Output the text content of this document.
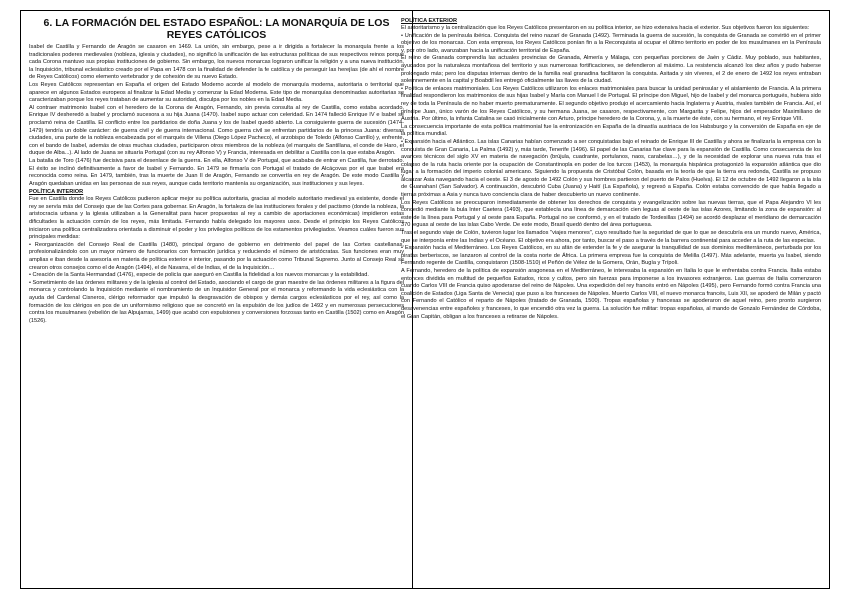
6. LA FORMACIÓN DEL ESTADO ESPAÑOL: LA MONARQUÍA DE LOS REYES CATÓLICOS

Isabel de Castilla y Fernando de Aragón se casaron en 1469. La unión, sin embargo, pese a ir dirigida a fortalecer la monarquía frente a los tradicionales poderes medievales (nobleza, iglesia y ciudades), no significó la unificación de las estructuras políticas de sus respectivos reinos porque cada Corona mantuvo sus propias instituciones de gobierno. Sin embargo, los nuevos monarcas lograron unificar la religión y a una nueva institución, la Inquisición, tribunal eclesiástico creado por el Papa en 1478 con la finalidad de defender la fe católica y de perseguir las herejías (de ahí el nombre de Reyes Católicos) como elemento vertebrador y de cohesión de su nuevo Estado.

Los Reyes Católicos representan en España el origen del Estado Moderno acorde al modelo de monarquía moderna, autoritaria o territorial que aparece en algunos Estados europeos al finalizar la Edad Media y comenzar la Edad Moderna. Este tipo de monarquías denominadas autoritarias se caracterizaban porque los reyes trataban de aumentar su autoridad, disculpa por los nobles en la Edad Media.

Al contraer matrimonio Isabel con el heredero de la Corona de Aragón, Fernando, sin previa consulta al rey de Castilla, como estaba acordado, Enrique IV desheredó a Isabel y proclamó sucesora a su hija Juana (1470). Isabel supo actuar con celeridad. En 1474 falleció Enrique IV e Isabel se proclamó reina de Castilla. El conflicto entre los partidarios de doña Juana y los de Isabel quedó abierto. La consiguiente guerra de sucesión (1474-1479) tendría un doble carácter: de guerra civil y de guerra internacional. Como guerra civil se enfrentan partidarios de la princesa Juana: diversas ciudades, una parte de la nobleza encabezada por el marqués de Villena (Diego López Pacheco), el arzobispo de Toledo (Alfonso Carrillo) y, enfrente, con el bando de Isabel, además de otras muchas ciudades, participaron otros miembros de la nobleza (el marqués de Santillana, el conde de Haro, el duque de Alba...). Al lado de Juana se situaría Portugal (con su rey Alfonso V) y Francia, interesada en debilitar a Castilla con la que estaba Aragón.

La batalla de Toro (1476) fue decisiva para el desenlace de la guerra. En ella, Alfonso V de Portugal, que acababa de entrar en Castilla, fue derrotado. El éxito se inclinó definitivamente a favor de Isabel y Fernando. En 1479 se firmaría con Portugal el tratado de Alcáçovas por el que Isabel era reconocida como reina. En 1479, también, tras la muerte de Juan II de Aragón, Fernando se convertía en rey de Aragón. De este modo Castilla y Aragón quedaban unidas en las personas de sus reyes, aunque cada territorio mantenía su organización, sus instituciones y sus leyes.

POLÍTICA INTERIOR

Fue en Castilla donde los Reyes Católicos pudieron aplicar mejor su política autoritaria, gracias al modelo autoritario medieval ya existente, donde el rey se servía más del Consejo que de las Cortes para gobernar. En Aragón, la fortaleza de las instituciones forales y del pactismo (donde la nobleza, la aristocracia urbana y la iglesia utilizaban a la Generalitat para hacer propuestas al rey a cambio de aportaciones económicas) impidieron estas dificultades la actuación común de los reyes, más limitada. Fernando había delegado los mayores usos. Desde el principio los Reyes Católicos iniciaron una política centralizadora orientada a disminuir el poder y los privilegios políticos de los estamentos privilegiados. Veamos cuáles fueron sus principales medidas:

• Reorganización del Consejo Real de Castilla (1480), principal órgano de gobierno en detrimento del papel de las Cortes castellanas, profesionalizándolo con un mayor número de funcionarios con formación jurídica y reduciendo el número de aristócratas. Sus funciones eran muy amplias e iban desde la asesoría en materia de política exterior e interior, pasando por la actuación como Tribunal Supremo. Junto al Consejo Real se crearon otros consejos como el de Aragón (1494), el de Navarra, el de Indias, el de la Inquisición…

• Creación de la Santa Hermandad (1476), especie de policía que aseguró en Castilla la fidelidad a los nuevos monarcas y la estabilidad.

• Sometimiento de las órdenes militares y de la iglesia al control del Estado, asociando el cargo de gran maestre de las órdenes militares a la figura del monarca y controlando la Inquisición mediante el nombramiento de un Inquisidor General por el monarca y reformando la vida eclesiástica con la ayuda del Cardenal Cisneros, clérigo reformador que impulsó la desgravación de obispos y demás cargos eclesiásticos por el rey, así como la formación de los clérigos en pos de un uniformismo religioso que se concretó en la expulsión de los judíos de 1492 y en numerosas persecuciones contra los musulmanes (rebelión de las Alpujarras, 1499) que acabó con expulsiones y conversiones forzosas tanto en Castilla (1502) como en Aragón (1526).

POLÍTICA EXTERIOR

El autoritarismo y la centralización que los Reyes Católicos presentaron en su política interior, se hizo extensiva hacia el exterior. Sus objetivos fueron los siguientes:

• Unificación de la península ibérica. Conquista del reino nazarí de Granada (1492). Terminada la guerra de sucesión, la conquista de Granada se convirtió en el primer objetivo de los monarcas. Con esta empresa, los Reyes Católicos ponían fin a la Reconquista al ocupar el último territorio en poder de los musulmanes en la Península y, por otro lado, avanzaban hacia la unificación territorial de España.

El reino de Granada comprendía las actuales provincias de Granada, Almería y Málaga, con pequeñas porciones de Jaén y Cádiz. Muy poblado, sus habitantes, ayudados por la naturaleza montañosa del territorio y sus numerosas fortificaciones, se defendieron al máximo. La resistencia alcanzó los diez años y pudo haberse prolongado más; pero los disputas internas dentro de la familia real granadina facilitaron la conquista. Asitada y sin víveres, el 2 de enero de 1492 los reyes entraban solemnemente en la capital y Boabdil les entregó oficialmente las llaves de la ciudad.

• Política de enlaces matrimoniales. Los Reyes Católicos utilizaron los enlaces matrimoniales para buscar la unidad peninsular y el aislamiento de Francia. A la primera finalidad respondieron los matrimonios de sus hijas Isabel y María con Manuel I de Portugal. El príncipe don Miguel, hijo de Isabel y del monarca portugués, hubiera sido rey de toda la Península de no haber muerto prematuramente. El segundo objetivo produjo el acercamiento hacia Inglaterra y Austria, rivales también de Francia. Así, el príncipe Juan, único varón de los Reyes Católicos, y su hermana Juana, se casaron, respectivamente, con Margarita y Felipe, hijos del emperador Maximiliano de Austria. Por último, la infanta Catalina se casó inicialmente con Arturo, príncipe heredero de la Corona, y, a la muerte de éste, con su hermano, el rey Enrique VIII.

La consecuencia importante de esta política matrimonial fue la entronización en España de la dinastía austriaca de los Habsburgo y la conversión de España en eje de la política mundial.

• Expansión hacia el Atlántico. Las islas Canarias habían comenzado a ser conquistadas bajo el reinado de Enrique III de Castilla y ahora se finalizaría la empresa con la conquista de Gran Canaria, La Palma (1492) y, más tarde, Tenerife (1496). El papel de las Canarias fue clave para la expansión de Castilla. Como consecuencia de los avances técnicos del siglo XV en materia de navegación (brújula, cuadrante, portulanos, naos, carabelas…), y de la necesidad de explorar una nueva ruta tras el colapso de la ruta hacia oriente por la ocupación de Constantinopla en poder de los turcos (1453), la monarquía hispánica protagonizó la expansión atlántica que dio lugar a la formación del imperio colonial americano. Siguiendo la propuesta de Cristóbal Colón, basada en la teoría de que la tierra era redonda, Castilla se propuso alcanzar Asia navegando hacia el oeste. El 3 de agosto de 1492 Colón y sus hombres partieron del puerto de Palos (Huelva). El 12 de octubre de 1492 llegaron a la isla de Guanahaní (San Salvador). A continuación, descubrió Cuba (Juana) y Haití (La Española), y regresó a España. Colón estaba convencido de que había llegado a tierras próximas a Asia y nunca tuvo conciencia clara de haber descubierto un nuevo continente.

Los Reyes Católicos se preocuparon inmediatamente de obtener los derechos de conquista y evangelización sobre las nuevas tierras, que el Papa Alejandro VI les concedió mediante la bula Inter Caetera (1493), que establecía una línea de demarcación cien leguas al oeste de las islas Azores, limitando la zona de expansión: al este de la línea para Portugal y al oeste para España. Portugal no se conformó, y en el tratado de Tordesillas (1494) se acordó desplazar el meridiano de demarcación 370 leguas al oeste de las islas Cabo Verde. De este modo, Brasil quedó dentro del área portuguesa.

Tras el segundo viaje de Colón, tuvieron lugar los llamados "viajes menores", cuyo resultado fue la seguridad de que lo que se descubría era un mundo nuevo, América, que se interponía entre las Indias y el Océano. El objetivo era ahora, por tanto, buscar el paso a través de la barrera continental para acceder a la ruta de las especias.

• Expansión hacia el Mediterráneo. Los Reyes Católicos, en su afán de extender la fe y de asegurar la tranquilidad de sus dominios mediterráneos, perturbada por los piratas berberiscos, se lanzaron al control de la costa norte de África. La primera empresa fue la conquista de Melilla (1497). Más adelante, muerta ya Isabel, siendo Fernando regente de Castilla, conquistaron (1508-1510) el Peñón de Vélez de la Gomera, Orán, Bugía y Trípoli.

A Fernando, heredero de la política de expansión aragonesa en el Mediterráneo, le interesaba la expansión en Italia lo que le enfrentaba contra Francia. Italia estaba entonces dividida en multitud de pequeños Estados, ricos y cultos, pero sin fuerzas para imponerse a los invasores extranjeros. Las guerras de Italia comenzaron cuando Carlos VIII de Francia quiso apoderarse del reino de Nápoles. Una expedición del rey francés entró en Nápoles (1495), pero Fernando formó contra Francia una coalición de Estados (Liga Santa de Venecia) que puso a los franceses de Nápoles. Muerto Carlos VIII, el nuevo monarca francés, Luis XII, se apoderó de Milán y pactó con Fernando el Católico el reparto de Nápoles (tratado de Granada, 1500). Tropas españolas y francesas se apoderaron de aquel reino, pero pronto surgieron desavenencias entre españoles y franceses, lo que encendió otra vez la guerra. La solución fue militar: tropas españolas, al mando de Gonzalo Fernández de Córdoba, el Gran Capitán, obligan a los franceses a retirarse de Nápoles.
